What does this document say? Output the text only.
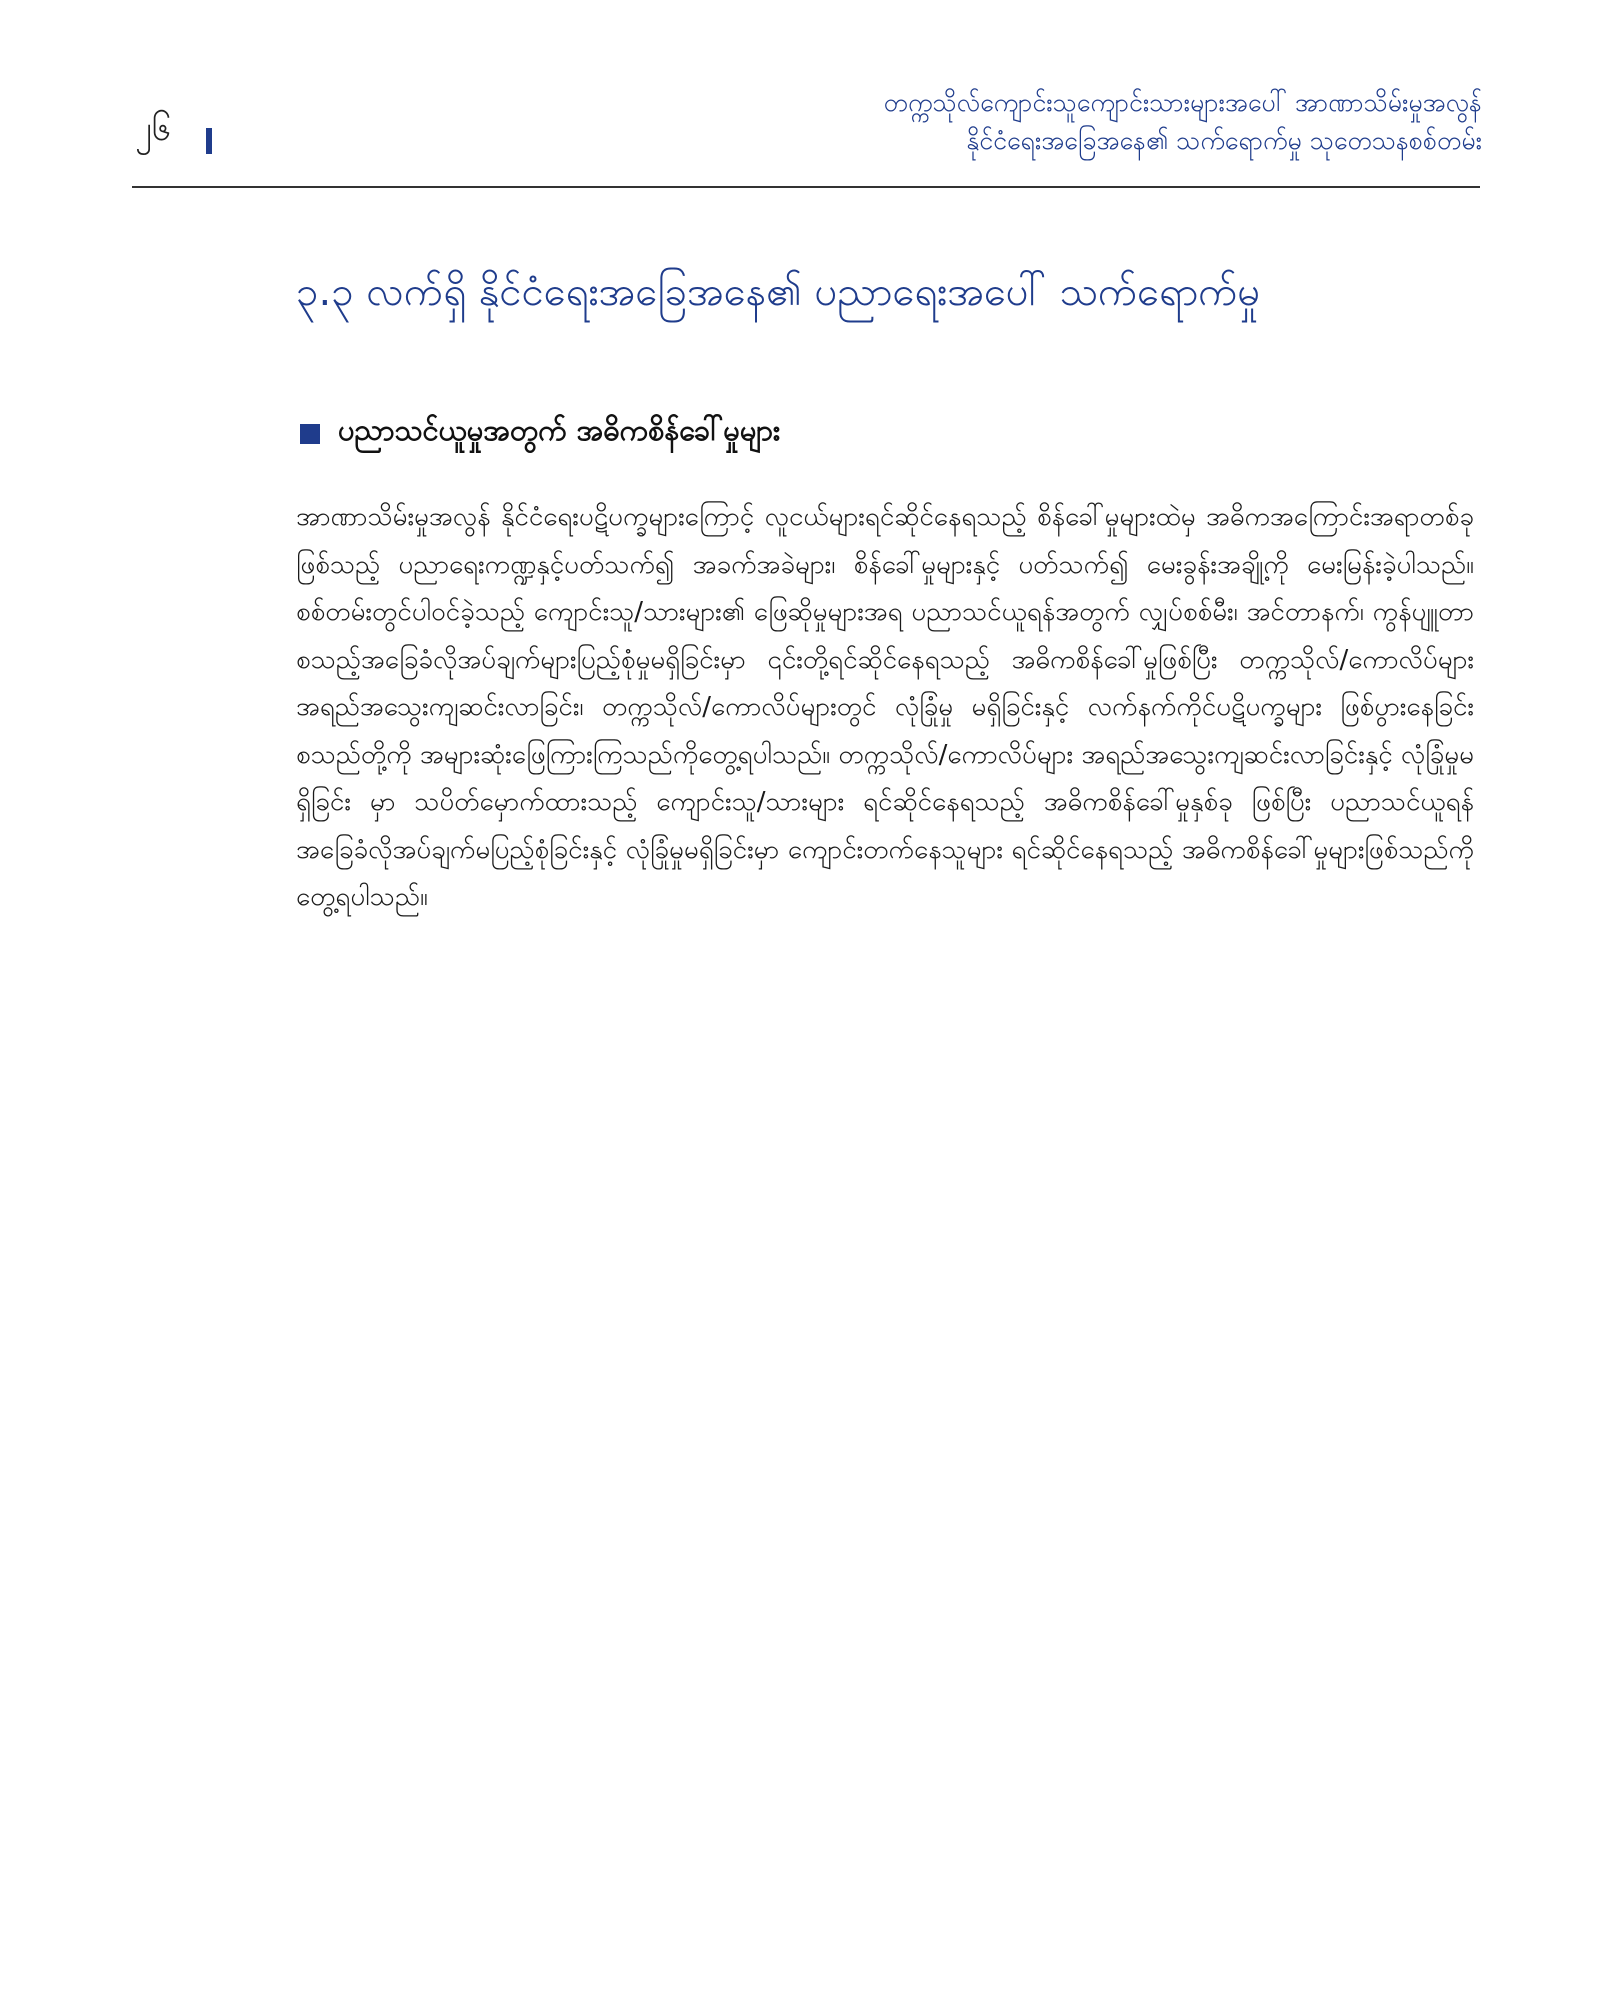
၂၆
တက္ကသိုလ်ကျောင်းသူကျောင်းသားများအပေါ် အာဏာသိမ်းမှုအလွန်
နိုင်ငံရေးအခြေအနေ၏ သက်ရောက်မှု သုတေသနစစ်တမ်း
၃.၃ လက်ရှိ နိုင်ငံရေးအခြေအနေ၏ ပညာရေးအပေါ် သက်ရောက်မှု
ပညာသင်ယူမှုအတွက် အဓိကစိန်ခေါ်မှုများ
အာဏာသိမ်းမှုအလွန် နိုင်ငံရေးပဋိပက္ခများကြောင့် လူငယ်များရင်ဆိုင်နေရသည့် စိန်ခေါ်မှုများထဲမှ အဓိကအကြောင်းအရာတစ်ခုဖြစ်သည့် ပညာရေးကဏ္ဍနှင့်ပတ်သက်၍ အခက်အခဲများ၊ စိန်ခေါ်မှုများနှင့် ပတ်သက်၍ မေးခွန်းအချို့ကို မေးမြန်းခဲ့ပါသည်။ စစ်တမ်းတွင်ပါဝင်ခဲ့သည့် ကျောင်းသူ/သားများ၏ ဖြေဆိုမှုများအရ ပညာသင်ယူရန်အတွက် လျှပ်စစ်မီး၊ အင်တာနက်၊ ကွန်ပျူတာ စသည့်အခြေခံလိုအပ်ချက်များပြည့်စုံမှုမရှိခြင်းမှာ ၎င်းတို့ရင်ဆိုင်နေရသည့် အဓိကစိန်ခေါ်မှုဖြစ်ပြီး တက္ကသိုလ်/ကောလိပ်များ အရည်အသွေးကျဆင်းလာခြင်း၊ တက္ကသိုလ်/ကောလိပ်များတွင် လုံခြုံမှု မရှိခြင်းနှင့် လက်နက်ကိုင်ပဋိပက္ခများ ဖြစ်ပွားနေခြင်း စသည်တို့ကို အများဆုံးဖြေကြားကြသည်ကိုတွေ့ရပါသည်။ တက္ကသိုလ်/ကောလိပ်များ အရည်အသွေးကျဆင်းလာခြင်းနှင့် လုံခြုံမှုမရှိခြင်း မှာ သပိတ်မှောက်ထားသည့် ကျောင်းသူ/သားများ ရင်ဆိုင်နေရသည့် အဓိကစိန်ခေါ်မှုနှစ်ခု ဖြစ်ပြီး ပညာသင်ယူရန် အခြေခံလိုအပ်ချက်မပြည့်စုံခြင်းနှင့် လုံခြုံမှုမရှိခြင်းမှာ ကျောင်းတက်နေသူများ ရင်ဆိုင်နေရသည့် အဓိကစိန်ခေါ်မှုများဖြစ်သည်ကိုတွေ့ရပါသည်။
